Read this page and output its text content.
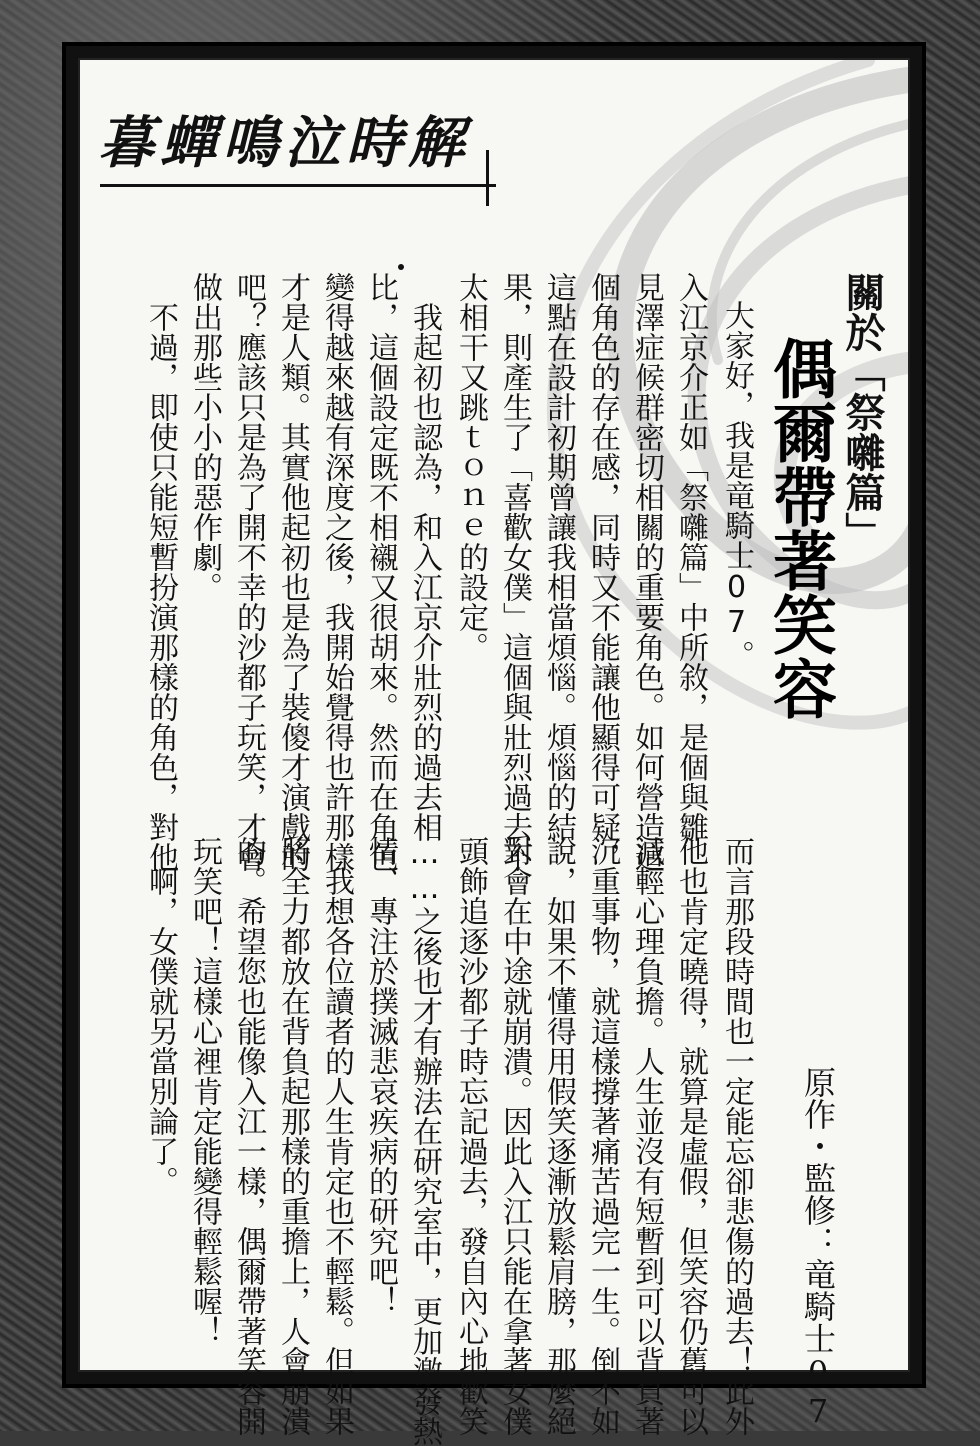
暮蟬鳴泣時解
關於「祭囃篇」
偶爾帶著笑容
原作・監修：竜騎士07
大家好，我是竜騎士07。
入江京介正如「祭囃篇」中所敘，是個與雛
見澤症候群密切相關的重要角色。如何營造這
個角色的存在感，同時又不能讓他顯得可疑，
這點在設計初期曾讓我相當煩惱。煩惱的結
果，則產生了「喜歡女僕」這個與壯烈過去不
太相干又跳ｔｏｎｅ的設定。
　我起初也認為，和入江京介壯烈的過去相
比，這個設定既不相襯又很胡來。然而在角色
變得越來越有深度之後，我開始覺得也許那樣
才是人類。其實他起初也是為了裝傻才演戲的
吧？應該只是為了開不幸的沙都子玩笑，才會
做出那些小小的惡作劇。
　不過，即使只能短暫扮演那樣的角色，對他
而言那段時間也一定能忘卻悲傷的過去！此外
他也肯定曉得，就算是虛假，但笑容仍舊可以
減輕心理負擔。人生並沒有短暫到可以背負著
沉重事物，就這樣撐著痛苦過完一生。倒不如
說，如果不懂得用假笑逐漸放鬆肩膀，那麼絕
對會在中途就崩潰。因此入江只能在拿著女僕
頭飾追逐沙都子時忘記過去，發自內心地歡笑
……之後也才有辦法在研究室中，更加激發熱
情、專注於撲滅悲哀疾病的研究吧！
　我想各位讀者的人生肯定也不輕鬆。但如果
將全力都放在背負起那樣的重擔上，人會崩潰
的。希望您也能像入江一樣，偶爾帶著笑容開
玩笑吧！這樣心裡肯定能變得輕鬆喔！
　啊，女僕就另當別論了。
